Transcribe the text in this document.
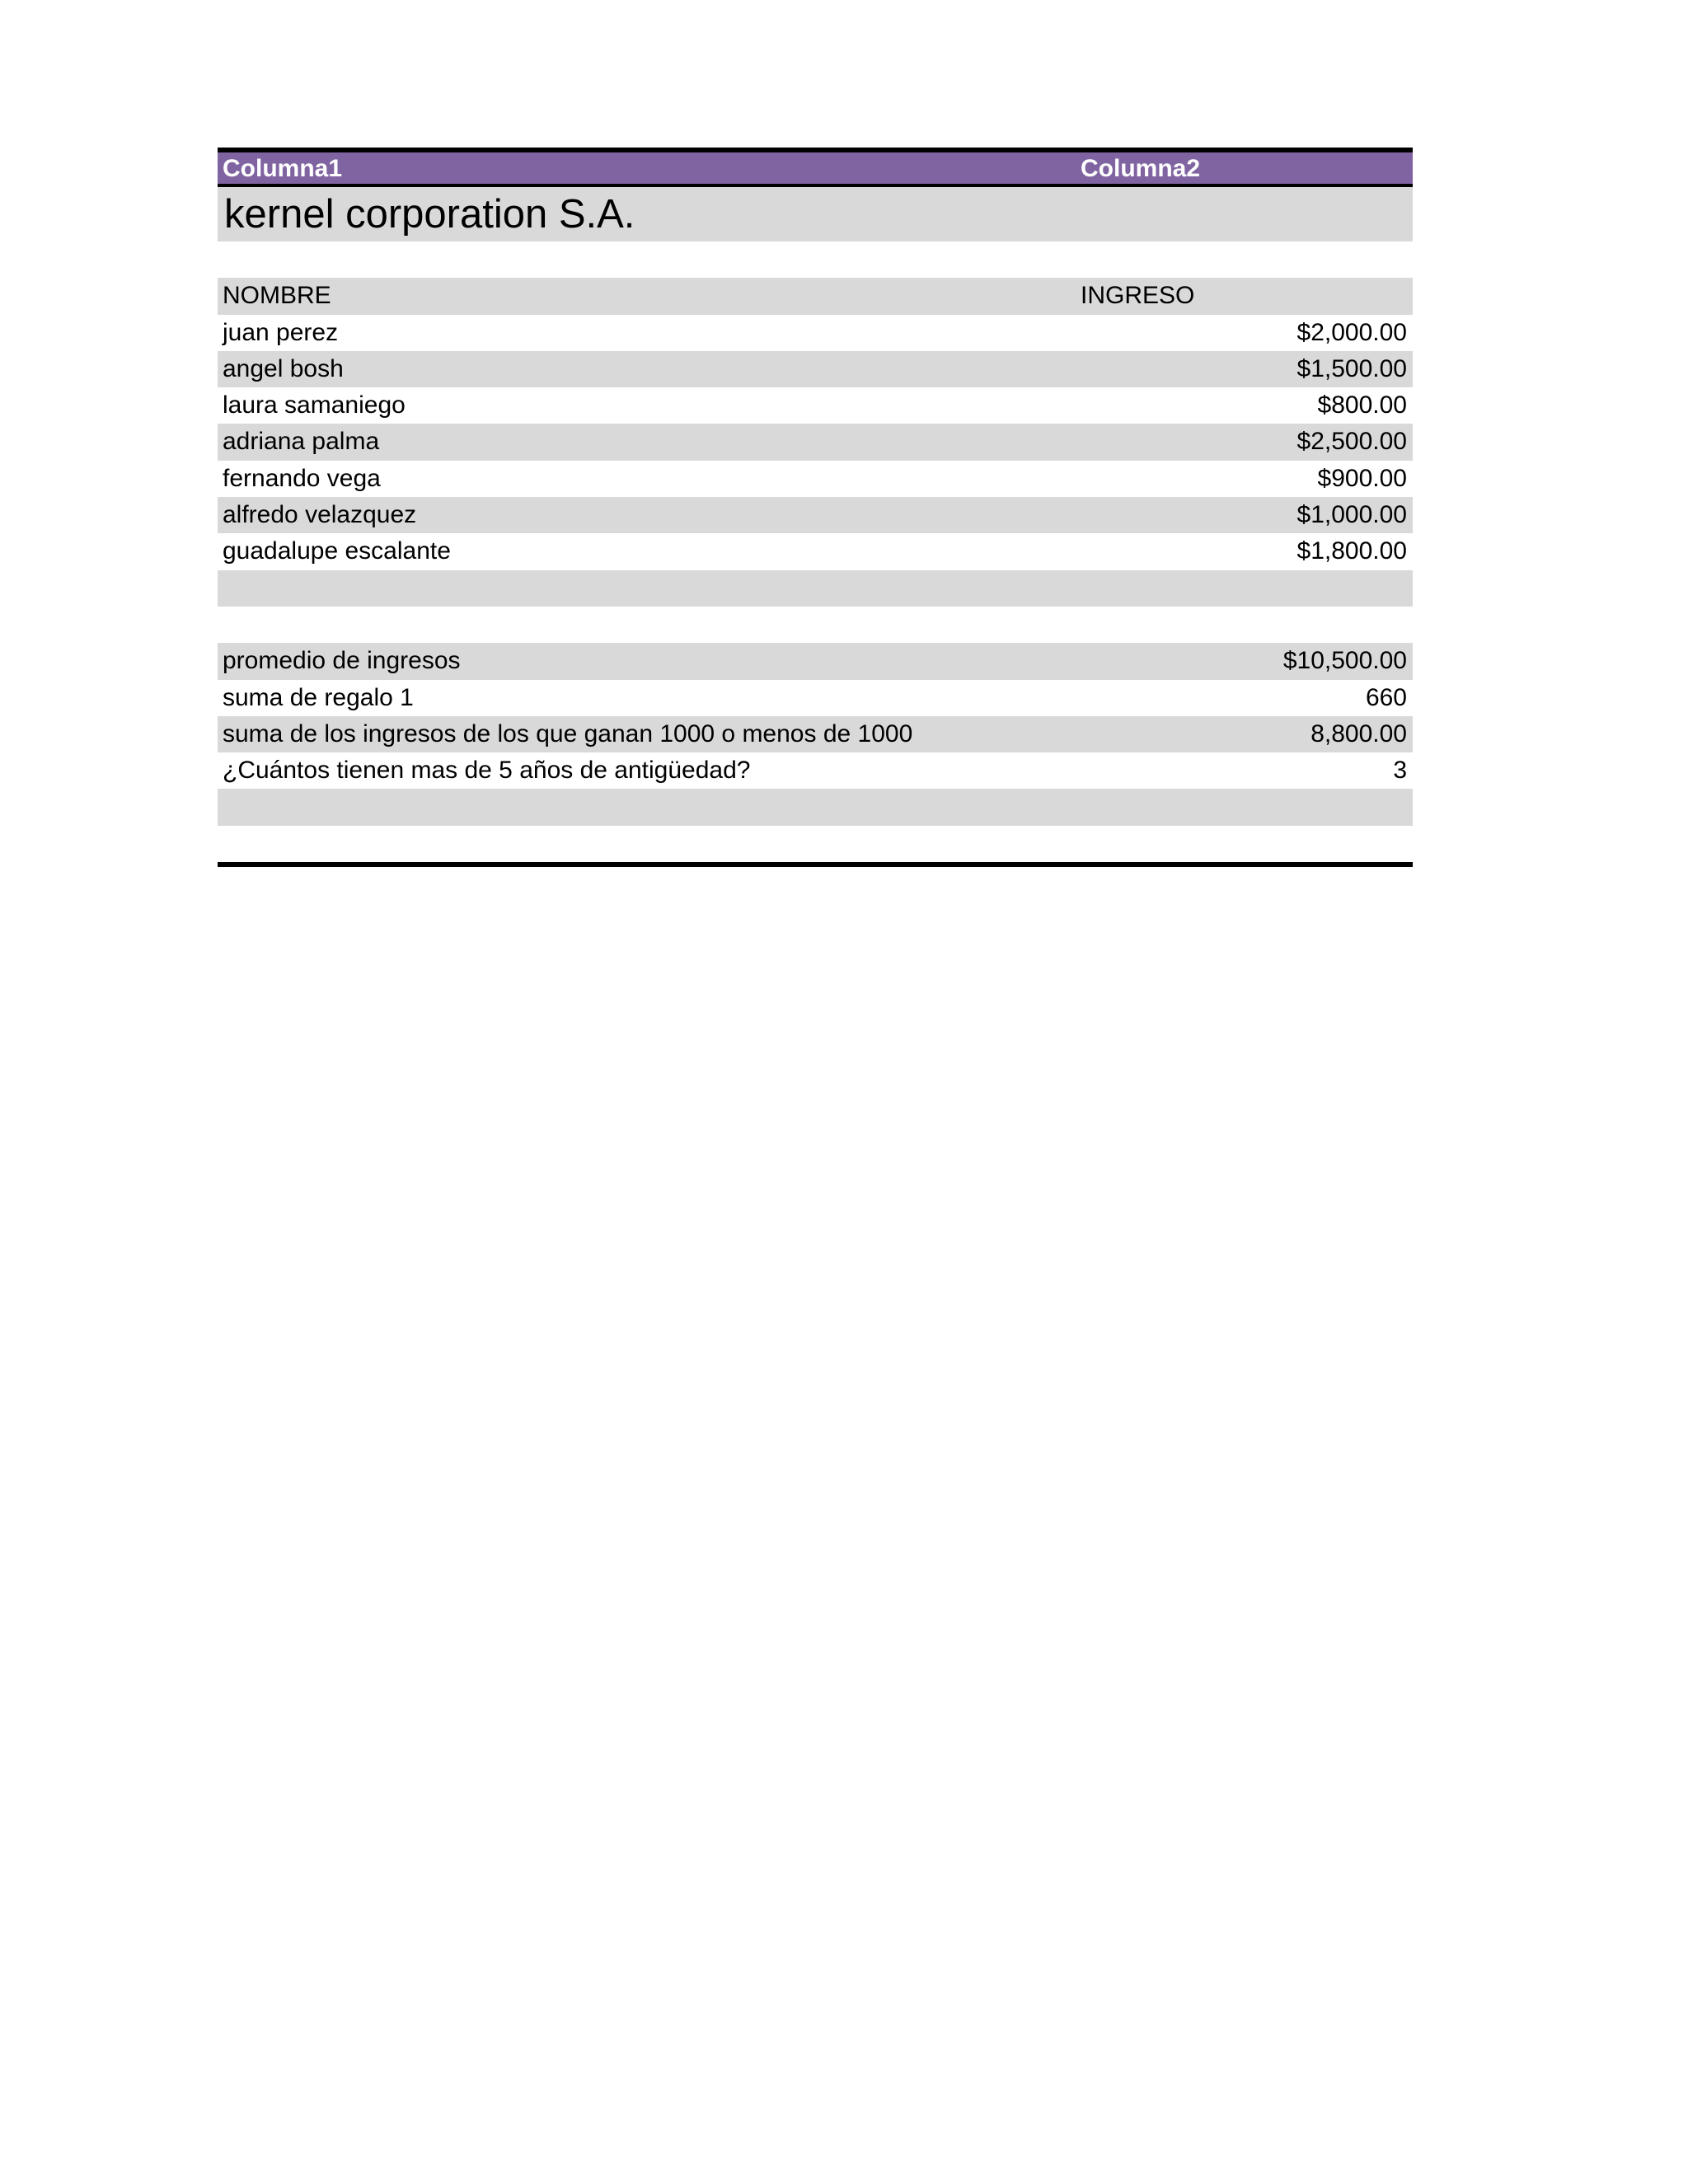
Columna1	Columna2
kernel corporation S.A.
NOMBRE	INGRESO
juan perez	$2,000.00
angel bosh	$1,500.00
laura samaniego	$800.00
adriana palma	$2,500.00
fernando vega	$900.00
alfredo velazquez	$1,000.00
guadalupe escalante	$1,800.00
promedio de ingresos	$10,500.00
suma de regalo 1	660
suma de los ingresos de los que ganan 1000 o menos de 1000	8,800.00
¿Cuántos tienen mas de 5 años de antigüedad?	3
